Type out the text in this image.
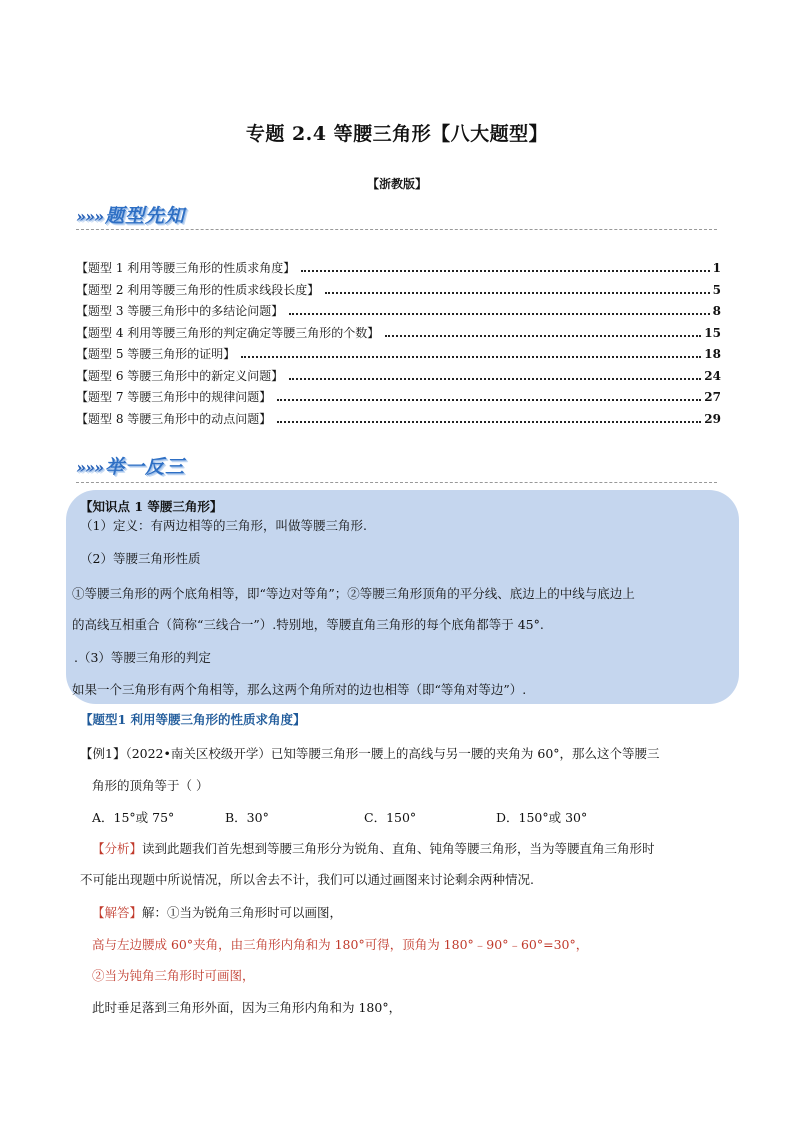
专题 2.4 等腰三角形【八大题型】
【浙教版】
»»» 题型先知
【题型 1 利用等腰三角形的性质求角度】	1
【题型 2 利用等腰三角形的性质求线段长度】	5
【题型 3 等腰三角形中的多结论问题】	8
【题型 4 利用等腰三角形的判定确定等腰三角形的个数】	15
【题型 5 等腰三角形的证明】	18
【题型 6 等腰三角形中的新定义问题】	24
【题型 7 等腰三角形中的规律问题】	27
【题型 8 等腰三角形中的动点问题】	29
»»» 举一反三
【知识点 1 等腰三角形】
（1）定义：有两边相等的三角形，叫做等腰三角形.
（2）等腰三角形性质
①等腰三角形的两个底角相等，即“等边对等角”；②等腰三角形顶角的平分线、底边上的中线与底边上
的高线互相重合（简称“三线合一”）.特别地，等腰直角三角形的每个底角都等于 45°.
.（3）等腰三角形的判定
如果一个三角形有两个角相等，那么这两个角所对的边也相等（即“等角对等边”）.
【题型1 利用等腰三角形的性质求角度】
【例1】（2022•南关区校级开学）已知等腰三角形一腰上的高线与另一腰的夹角为 60°，那么这个等腰三
角形的顶角等于（ ）
A．15°或 75°	B．30°	C．150°	D．150°或 30°
【分析】读到此题我们首先想到等腰三角形分为锐角、直角、钝角等腰三角形，当为等腰直角三角形时
不可能出现题中所说情况，所以舍去不计，我们可以通过画图来讨论剩余两种情况.
【解答】解：①当为锐角三角形时可以画图，
高与左边腰成 60°夹角，由三角形内角和为 180°可得，顶角为 180°﹣90°﹣60°=30°，
②当为钝角三角形时可画图，
此时垂足落到三角形外面，因为三角形内角和为 180°，
